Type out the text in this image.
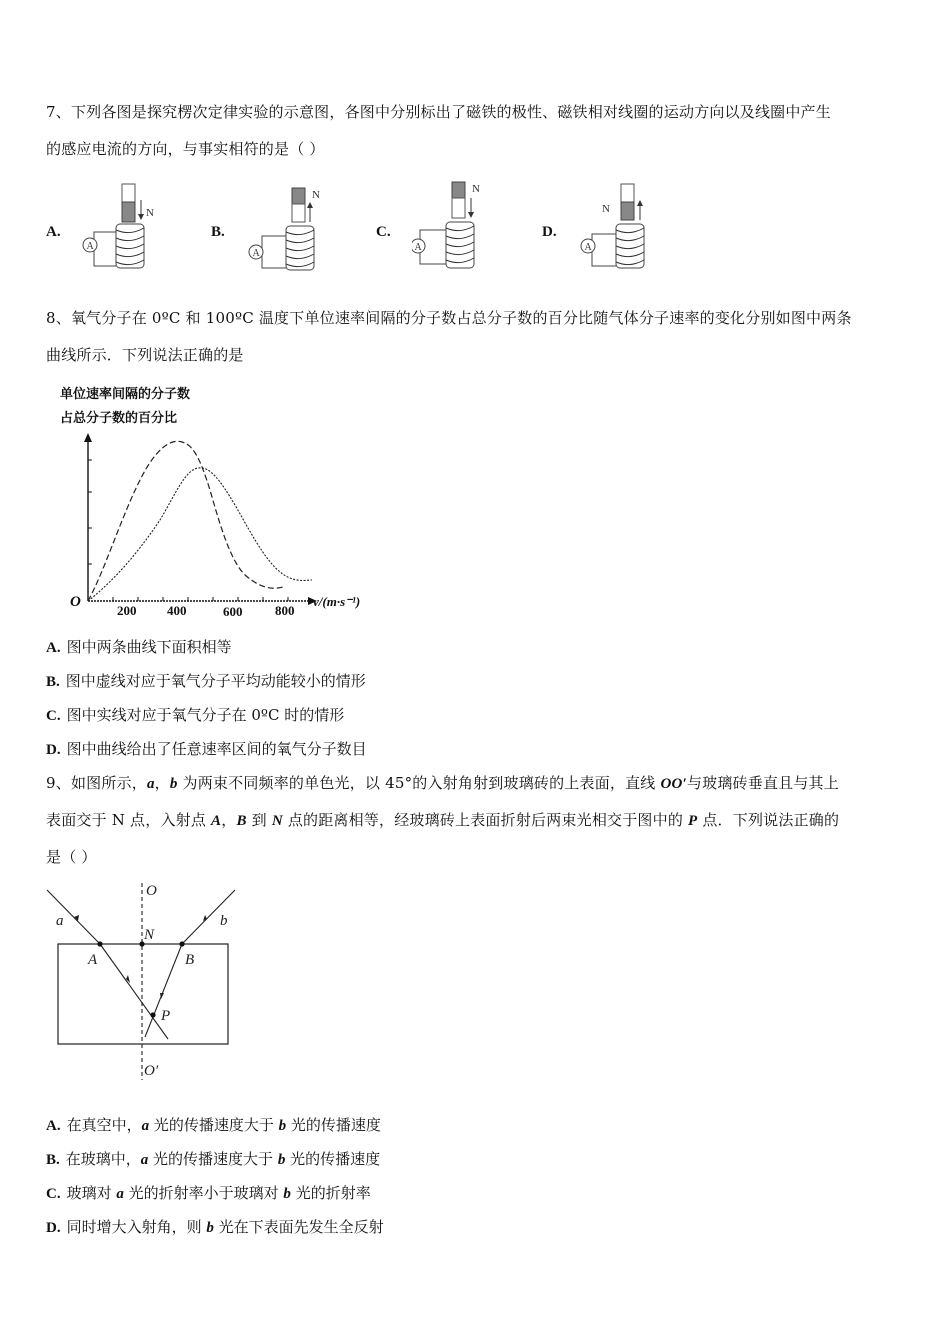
7、下列各图是探究楞次定律实验的示意图，各图中分别标出了磁铁的极性、磁铁相对线圈的运动方向以及线圈中产生
的感应电流的方向，与事实相符的是（ ）
A.
N
A
B.
N
A
C.
N
A
D.
N
A
8、氧气分子在 0ºC 和 100ºC 温度下单位速率间隔的分子数占总分子数的百分比随气体分子速率的变化分别如图中两条
曲线所示．下列说法正确的是
单位速率间隔的分子数
占总分子数的百分比
O
200 400	600	800
v/(m·s⁻¹)
A. 图中两条曲线下面积相等
B. 图中虚线对应于氧气分子平均动能较小的情形
C. 图中实线对应于氧气分子在 0ºC 时的情形
D. 图中曲线给出了任意速率区间的氧气分子数目
9、如图所示，a，b 为两束不同频率的单色光，以 45°的入射角射到玻璃砖的上表面，直线 OO′与玻璃砖垂直且与其上
表面交于 N 点，入射点 A，B 到 N 点的距离相等，经玻璃砖上表面折射后两束光相交于图中的 P 点．下列说法正确的
是（ ）
O
N
a	b
A	B
P
O′
A. 在真空中，a 光的传播速度大于 b 光的传播速度
B. 在玻璃中，a 光的传播速度大于 b 光的传播速度
C. 玻璃对 a 光的折射率小于玻璃对 b 光的折射率
D. 同时增大入射角，则 b 光在下表面先发生全反射
